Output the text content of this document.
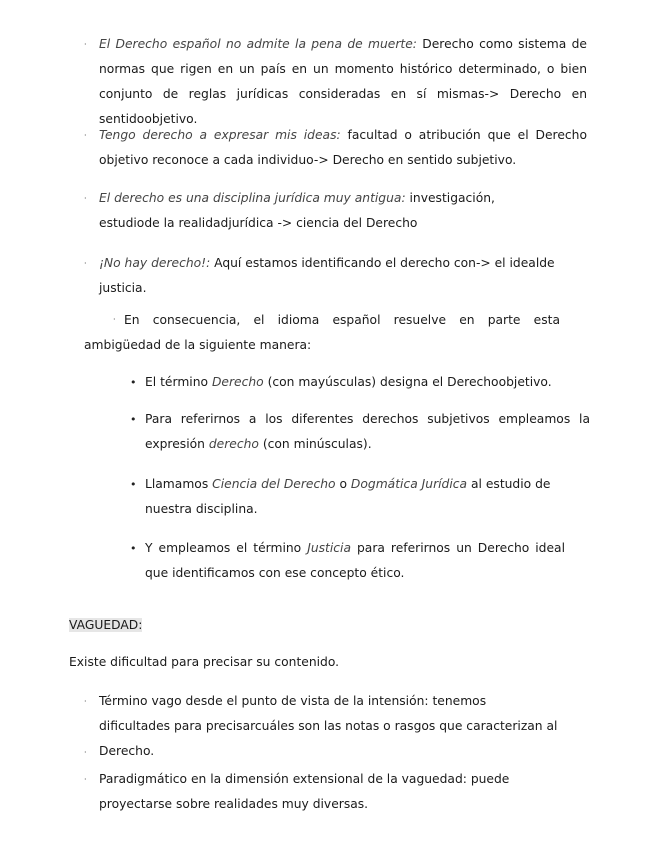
· El Derecho español no admite la pena de muerte: Derecho como sistema de normas que rigen en un país en un momento histórico determinado, o bien conjunto de reglas jurídicas consideradas en sí mismas-> Derecho en sentidoobjetivo.
· Tengo derecho a expresar mis ideas: facultad o atribución que el Derecho objetivo reconoce a cada individuo-> Derecho en sentido subjetivo.
· El derecho es una disciplina jurídica muy antigua: investigación, estudiode la realidadjurídica -> ciencia del Derecho
· ¡No hay derecho!: Aquí estamos identificando el derecho con-> el idealde justicia.
· En consecuencia, el idioma español resuelve en parte esta ambigüedad de la siguiente manera:
• El término Derecho (con mayúsculas) designa el Derechoobjetivo.
• Para referirnos a los diferentes derechos subjetivos empleamos la expresión derecho (con minúsculas).
• Llamamos Ciencia del Derecho o Dogmática Jurídica al estudio de nuestra disciplina.
• Y empleamos el término Justicia para referirnos un Derecho ideal que identificamos con ese concepto ético.
VAGUEDAD:
Existe dificultad para precisar su contenido.
· Término vago desde el punto de vista de la intensión: tenemos dificultades para precisarcuáles son las notas o rasgos que caracterizan al Derecho.
·
· Paradigmático en la dimensión extensional de la vaguedad: puede proyectarse sobre realidades muy diversas.
